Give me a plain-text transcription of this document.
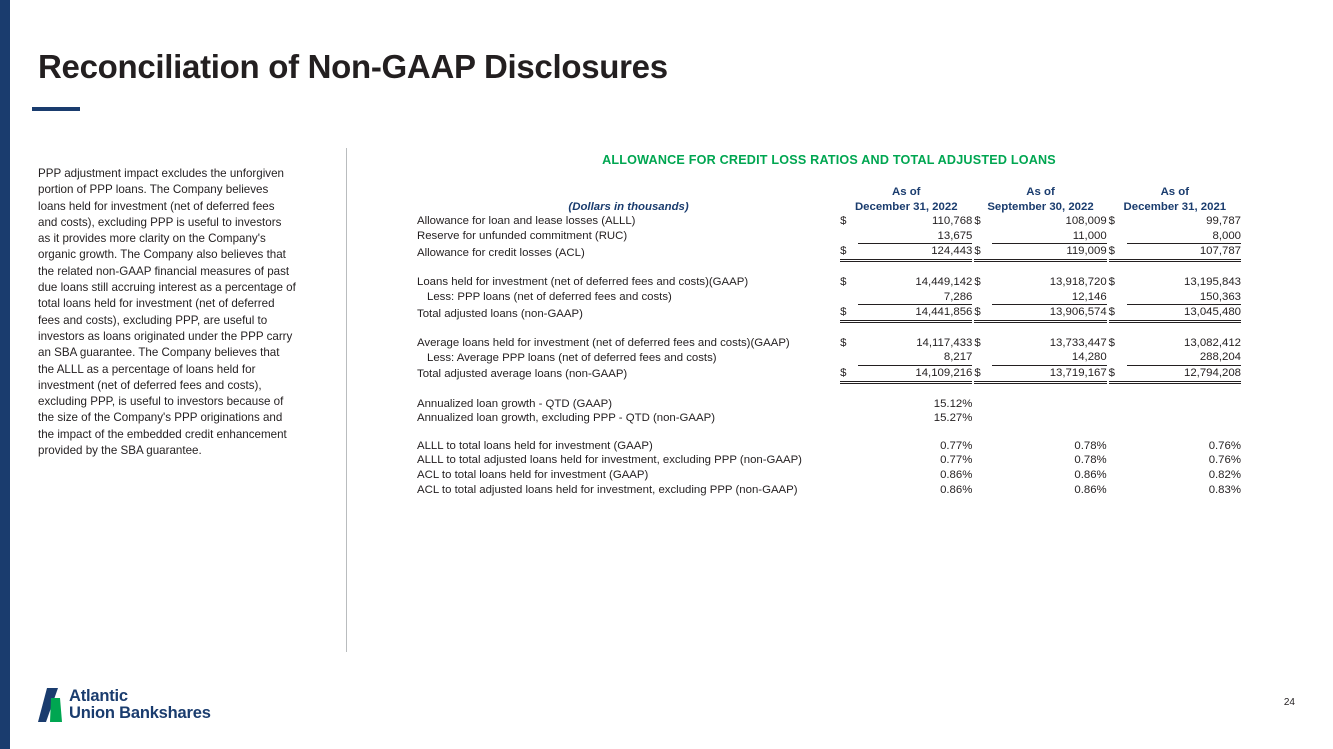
Reconciliation of Non-GAAP Disclosures
PPP adjustment impact excludes the unforgiven portion of PPP loans. The Company believes loans held for investment (net of deferred fees and costs), excluding PPP is useful to investors as it provides more clarity on the Company's organic growth. The Company also believes that the related non-GAAP financial measures of past due loans still accruing interest as a percentage of total loans held for investment (net of deferred fees and costs), excluding PPP, are useful to investors as loans originated under the PPP carry an SBA guarantee. The Company believes that the ALLL as a percentage of loans held for investment (net of deferred fees and costs), excluding PPP, is useful to investors because of the size of the Company's PPP originations and the impact of the embedded credit enhancement provided by the SBA guarantee.
ALLOWANCE FOR CREDIT LOSS RATIOS AND TOTAL ADJUSTED LOANS
	As of			As of			As of	
(Dollars in thousands)	December 31, 2022			September 30, 2022			December 31, 2021	
Allowance for loan and lease losses (ALLL)	$	110,768		$	108,009		$	99,787
Reserve for unfunded commitment (RUC)		13,675			11,000			8,000
Allowance for credit losses (ACL)	$	124,443		$	119,009		$	107,787

Loans held for investment (net of deferred fees and costs)(GAAP)	$	14,449,142		$	13,918,720		$	13,195,843
Less: PPP loans (net of deferred fees and costs)		7,286			12,146			150,363
Total adjusted loans (non-GAAP)	$	14,441,856		$	13,906,574		$	13,045,480

Average loans held for investment (net of deferred fees and costs)(GAAP)	$	14,117,433		$	13,733,447		$	13,082,412
Less: Average PPP loans (net of deferred fees and costs)		8,217			14,280			288,204
Total adjusted average loans (non-GAAP)	$	14,109,216		$	13,719,167		$	12,794,208

Annualized loan growth - QTD (GAAP)		15.12%						
Annualized loan growth, excluding PPP - QTD (non-GAAP)		15.27%						

ALLL to total loans held for investment (GAAP)		0.77%			0.78%			0.76%
ALLL to total adjusted loans held for investment, excluding PPP (non-GAAP)		0.77%			0.78%			0.76%
ACL to total loans held for investment (GAAP)		0.86%			0.86%			0.82%
ACL to total adjusted loans held for investment, excluding PPP (non-GAAP)		0.86%			0.86%			0.83%
Atlantic
Union Bankshares
24
